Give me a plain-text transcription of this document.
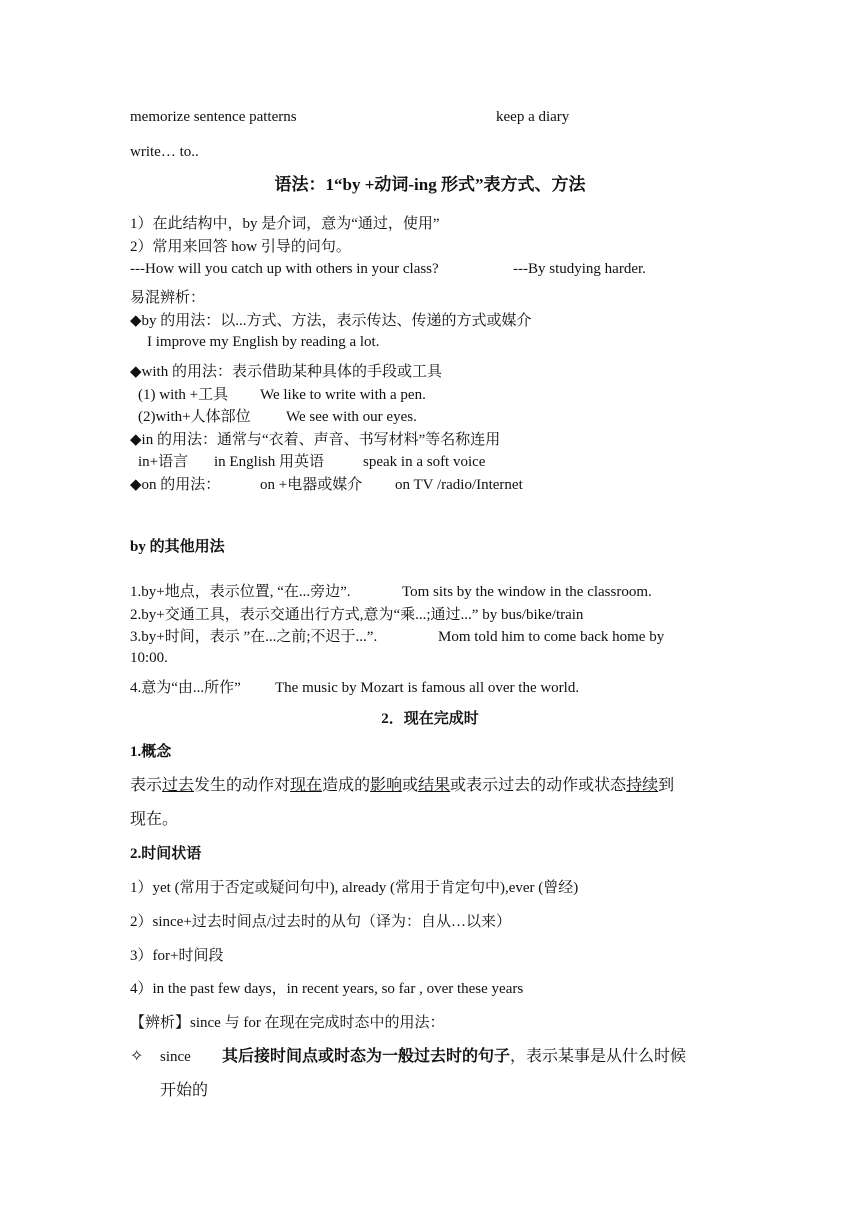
memorize sentence patterns	keep a diary
write… to..
语法：1“by +动词-ing 形式”表方式、方法
1）在此结构中，by 是介词，意为“通过，使用”
2）常用来回答 how 引导的问句。
---How will you catch up with others in your class?	---By studying harder.
易混辨析：
◆by 的用法：以...方式、方法，表示传达、传递的方式或媒介
I improve my English by reading a lot.
◆with 的用法：表示借助某种具体的手段或工具
(1) with +工具 We like to write with a pen.
(2)with+人体部位 We see with our eyes.
◆in 的用法：通常与“衣着、声音、书写材料”等名称连用
in+语言 in English 用英语	speak in a soft voice
◆on 的用法：	on +电器或媒介 on TV /radio/Internet
by 的其他用法
1.by+地点，表示位置, “在...旁边”.	Tom sits by the window in the classroom.
2.by+交通工具，表示交通出行方式,意为“乘...;通过...” by bus/bike/train
3.by+时间，表示 ”在...之前;不迟于...”.	Mom told him to come back home by
10:00.
4.意为“由...所作” The music by Mozart is famous all over the world.
2．现在完成时
1.概念
表示过去发生的动作对现在造成的影响或结果或表示过去的动作或状态持续到
现在。
2.时间状语
1）yet (常用于否定或疑问句中), already (常用于肯定句中),ever (曾经)
2）since+过去时间点/过去时的从句（译为：自从…以来）
3）for+时间段
4）in the past few days，in recent years, so far , over these years
【辨析】since 与 for 在现在完成时态中的用法：
✧ since 其后接时间点或时态为一般过去时的句子，表示某事是从什么时候
开始的
